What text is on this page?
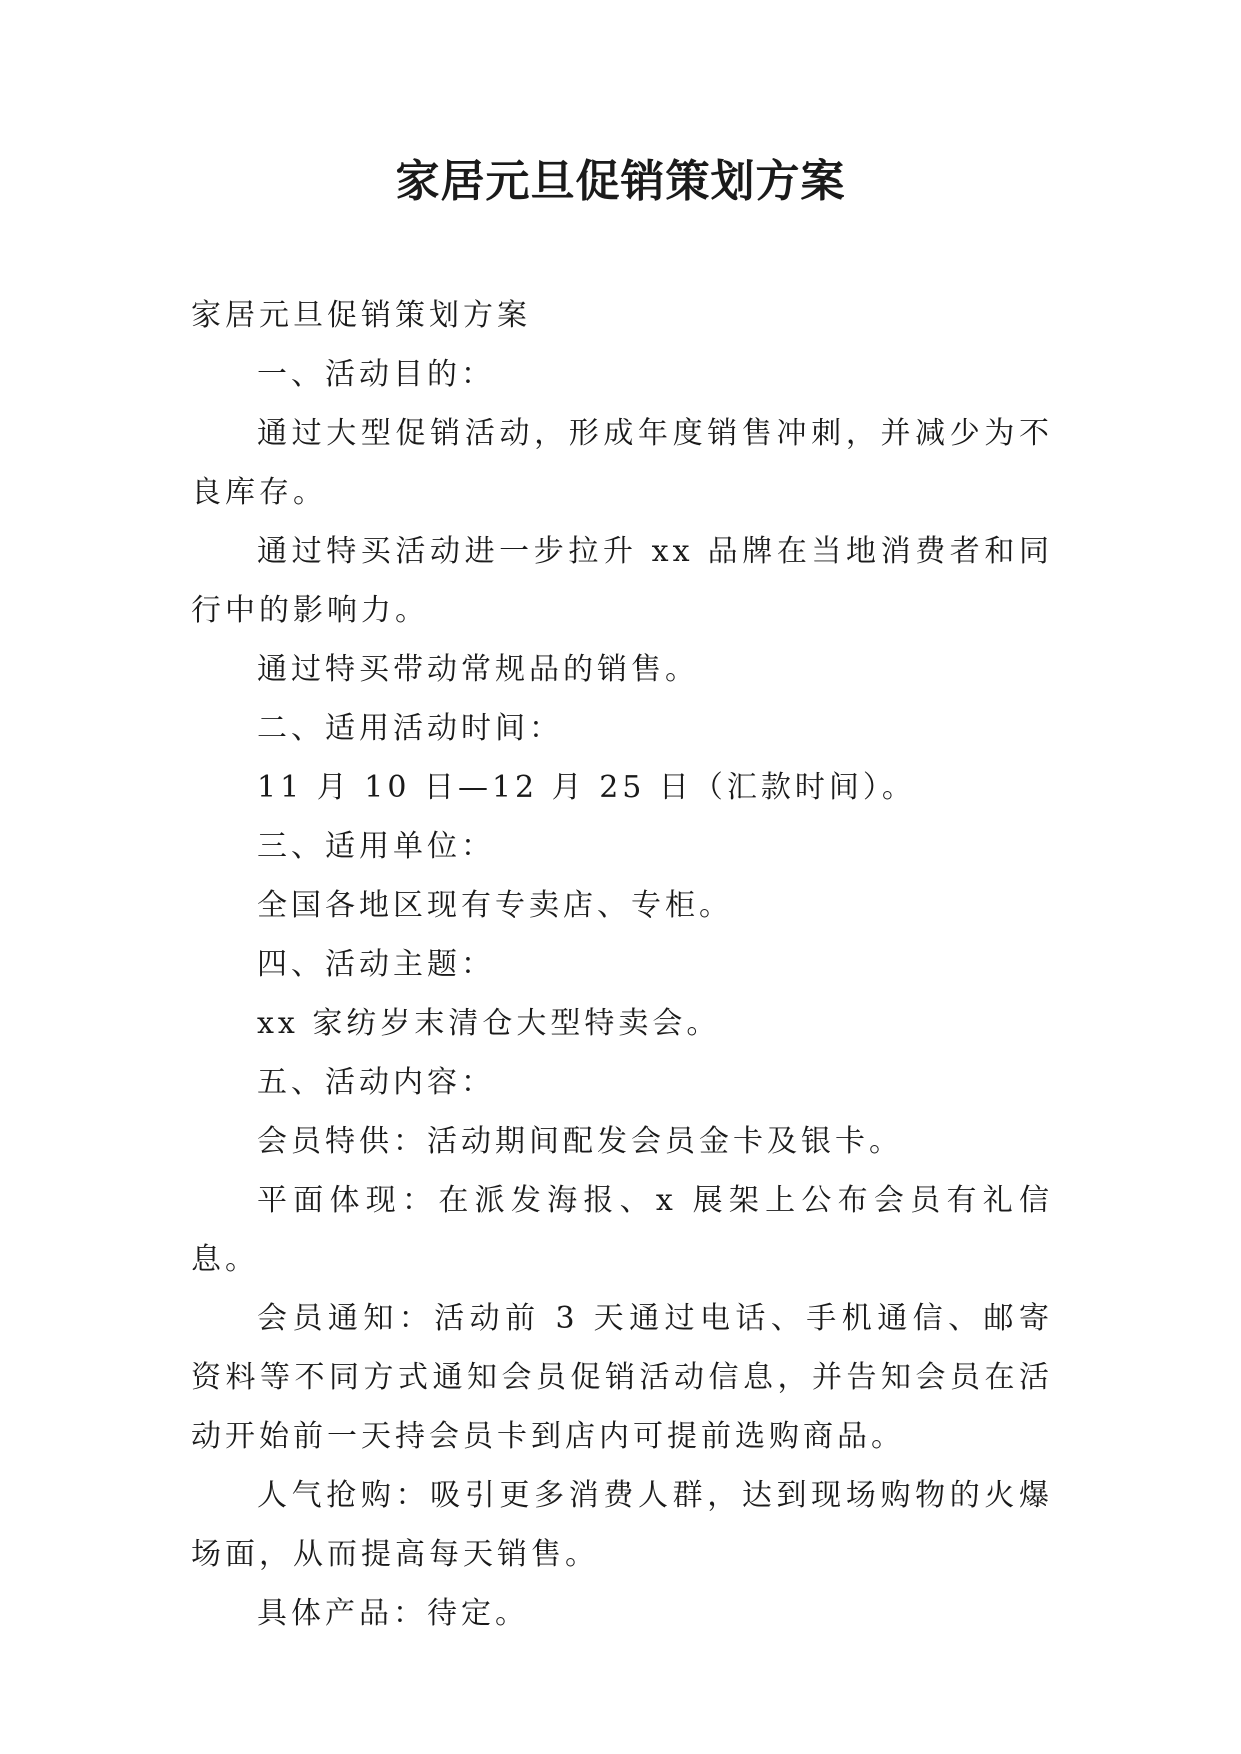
家居元旦促销策划方案

家居元旦促销策划方案

一、活动目的：

通过大型促销活动，形成年度销售冲刺，并减少为不良库存。

通过特买活动进一步拉升 xx 品牌在当地消费者和同行中的影响力。

通过特买带动常规品的销售。

二、适用活动时间：

11 月 10 日—12 月 25 日（汇款时间）。

三、适用单位：

全国各地区现有专卖店、专柜。

四、活动主题：

xx 家纺岁末清仓大型特卖会。

五、活动内容：

会员特供：活动期间配发会员金卡及银卡。

平面体现：在派发海报、x 展架上公布会员有礼信息。

会员通知：活动前 3 天通过电话、手机通信、邮寄资料等不同方式通知会员促销活动信息，并告知会员在活动开始前一天持会员卡到店内可提前选购商品。

人气抢购：吸引更多消费人群，达到现场购物的火爆场面，从而提高每天销售。

具体产品：待定。
